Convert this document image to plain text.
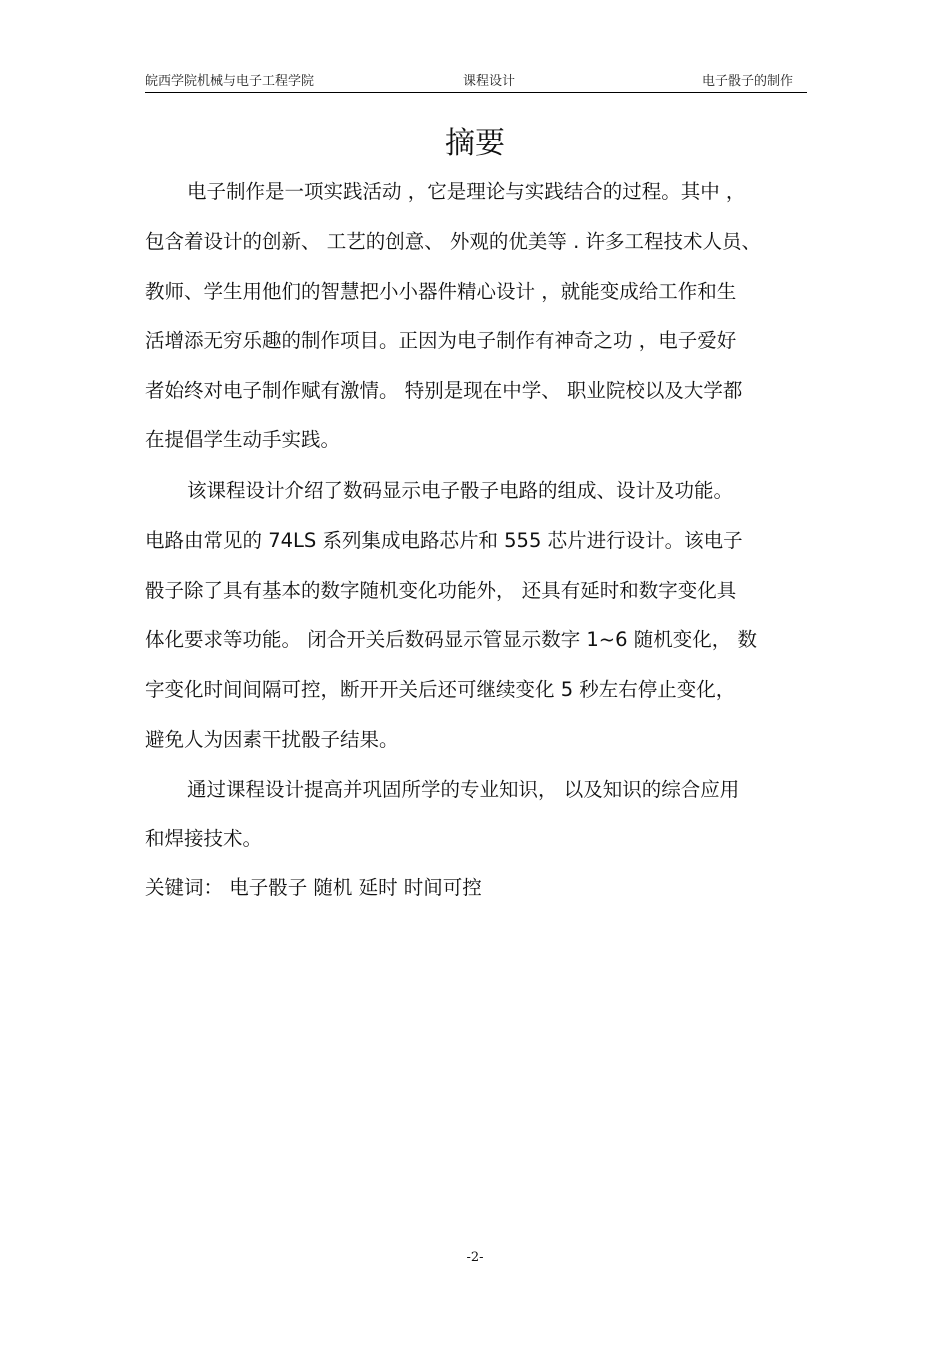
皖西学院机械与电子工程学院	课程设计	电子骰子的制作
摘要
电子制作是一项实践活动 ，它是理论与实践结合的过程。其中 ，
包含着设计的创新、 工艺的创意、 外观的优美等 . 许多工程技术人员、
教师、学生用他们的智慧把小小器件精心设计 ，就能变成给工作和生
活增添无穷乐趣的制作项目。正因为电子制作有神奇之功 ，电子爱好
者始终对电子制作赋有激情。 特别是现在中学、 职业院校以及大学都
在提倡学生动手实践。
该课程设计介绍了数码显示电子骰子电路的组成、设计及功能。
电路由常见的 74LS 系列集成电路芯片和 555 芯片进行设计。该电子
骰子除了具有基本的数字随机变化功能外， 还具有延时和数字变化具
体化要求等功能。 闭合开关后数码显示管显示数字 1~6 随机变化， 数
字变化时间间隔可控，断开开关后还可继续变化 5 秒左右停止变化，
避免人为因素干扰骰子结果。
通过课程设计提高并巩固所学的专业知识， 以及知识的综合应用
和焊接技术。
关键词： 电子骰子 随机 延时 时间可控
-2-
